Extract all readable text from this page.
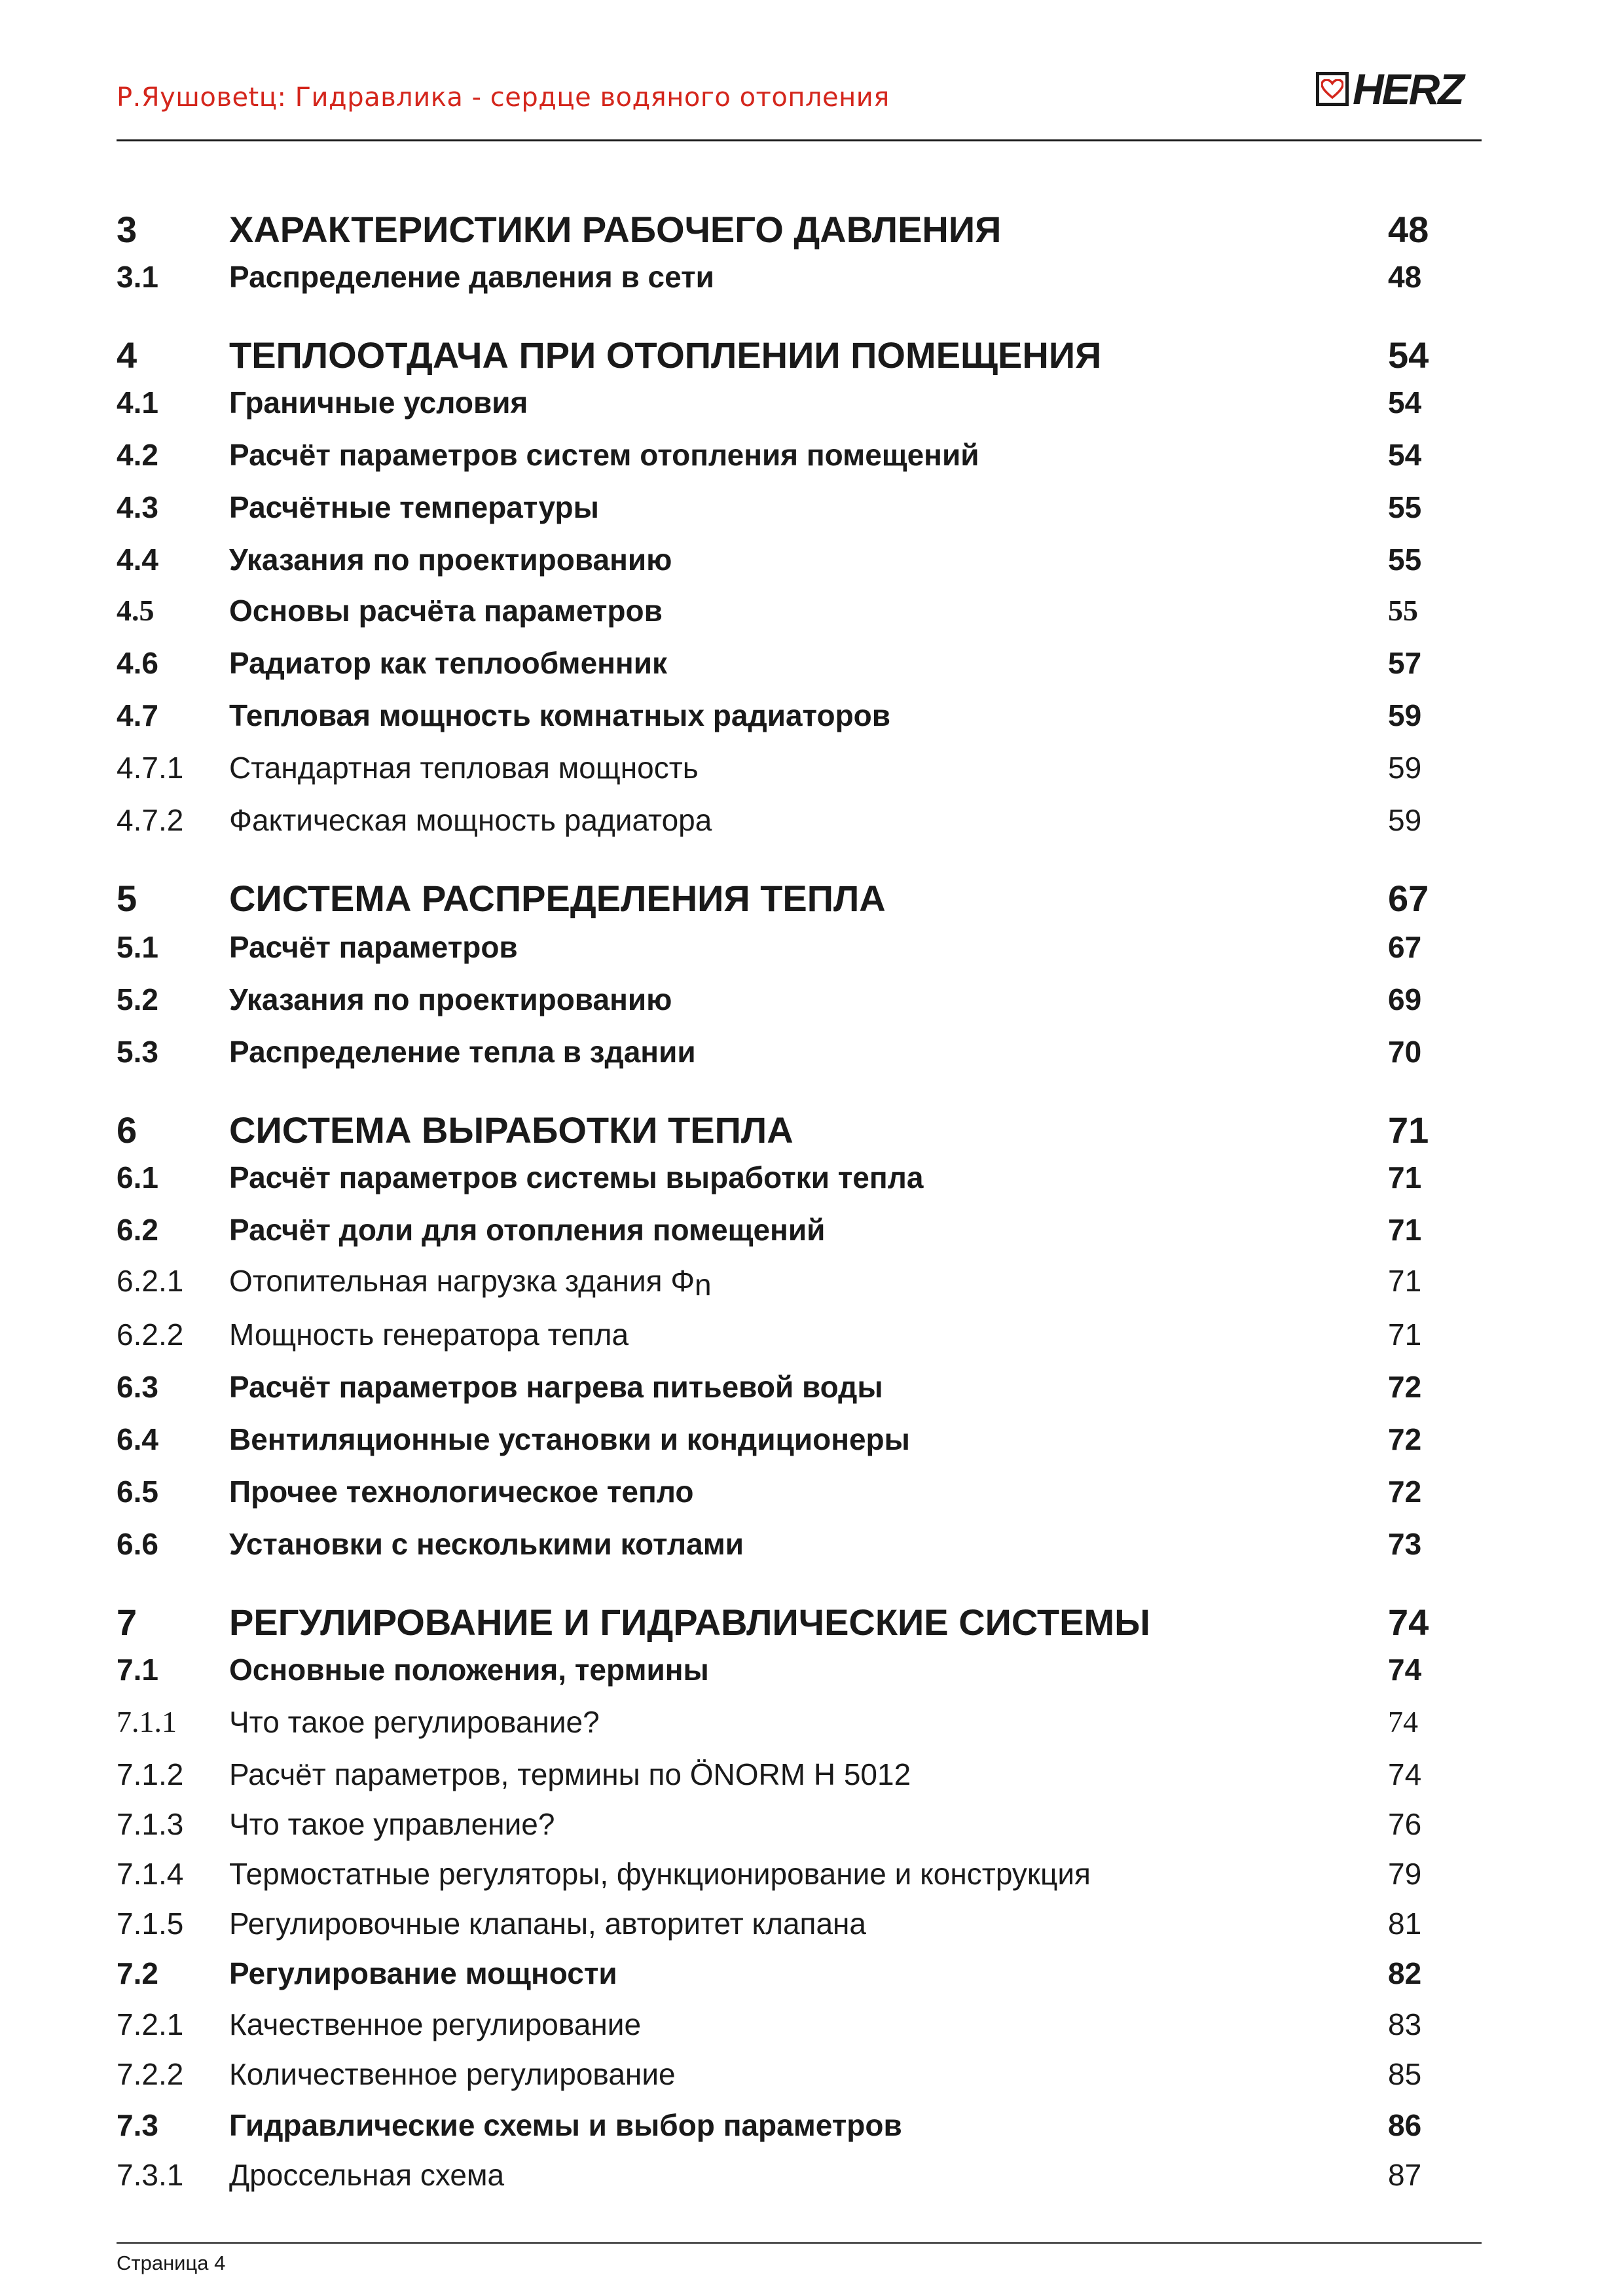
Р.Яушовеtц: Гидравлика - сердце водяного отопления	HERZ
3	ХАРАКТЕРИСТИКИ РАБОЧЕГО ДАВЛЕНИЯ	48
3.1 Распределение давления в сети	48
4	ТЕПЛООТДАЧА ПРИ ОТОПЛЕНИИ ПОМЕЩЕНИЯ	54
4.1 Граничные условия	54
4.2 Расчёт параметров систем отопления помещений	54
4.3 Расчётные температуры	55
4.4 Указания по проектированию	55
4.5 Основы расчёта параметров	55
4.6 Радиатор как теплообменник	57
4.7 Тепловая мощность комнатных радиаторов	59
4.7.1 Стандартная тепловая мощность	59
4.7.2 Фактическая мощность радиатора	59
5	СИСТЕМА РАСПРЕДЕЛЕНИЯ ТЕПЛА	67
5.1 Расчёт параметров	67
5.2 Указания по проектированию	69
5.3 Распределение тепла в здании	70
6	СИСТЕМА ВЫРАБОТКИ ТЕПЛА	71
6.1 Расчёт параметров системы выработки тепла	71
6.2 Расчёт доли для отопления помещений	71
6.2.1 Отопительная нагрузка здания Φn	71
6.2.2 Мощность генератора тепла	71
6.3 Расчёт параметров нагрева питьевой воды	72
6.4 Вентиляционные установки и кондиционеры	72
6.5 Прочее технологическое тепло	72
6.6 Установки с несколькими котлами	73
7	РЕГУЛИРОВАНИЕ И ГИДРАВЛИЧЕСКИЕ СИСТЕМЫ	74
7.1 Основные положения, термины	74
7.1.1 Что такое регулирование?	74
7.1.2 Расчёт параметров, термины по ÖNORM H 5012	74
7.1.3 Что такое управление?	76
7.1.4 Термостатные регуляторы, функционирование и конструкция	79
7.1.5 Регулировочные клапаны, авторитет клапана	81
7.2 Регулирование мощности	82
7.2.1 Качественное регулирование	83
7.2.2 Количественное регулирование	85
7.3 Гидравлические схемы и выбор параметров	86
7.3.1 Дроссельная схема	87
Страница 4
